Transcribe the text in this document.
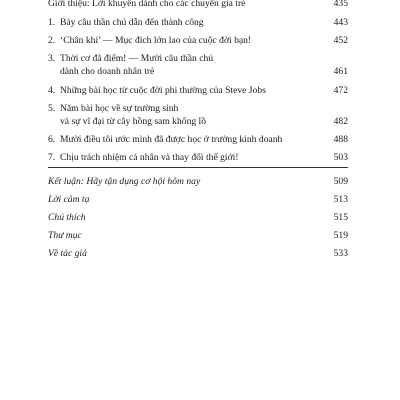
Giới thiệu: Lời khuyên dành cho các chuyên gia trẻ	435
1. Bảy câu thần chú dẫn đến thành công	443
2. ‘Chân khí’ — Mục đích lớn lao của cuộc đời bạn!	452
3. Thời cơ đã điểm! — Mười câu thần chú
dành cho doanh nhân trẻ	461
4. Những bài học từ cuộc đời phi thường của Steve Jobs	472
5. Năm bài học về sự trường sinh
và sự vĩ đại từ cây hồng sam khổng lồ	482
6. Mười điều tôi ước mình đã được học ở trường kinh doanh	488
7. Chịu trách nhiệm cá nhân và thay đổi thế giới!	503
Kết luận: Hãy tận dụng cơ hội hôm nay	509
Lời cảm tạ	513
Chú thích	515
Thư mục	519
Về tác giả	533
